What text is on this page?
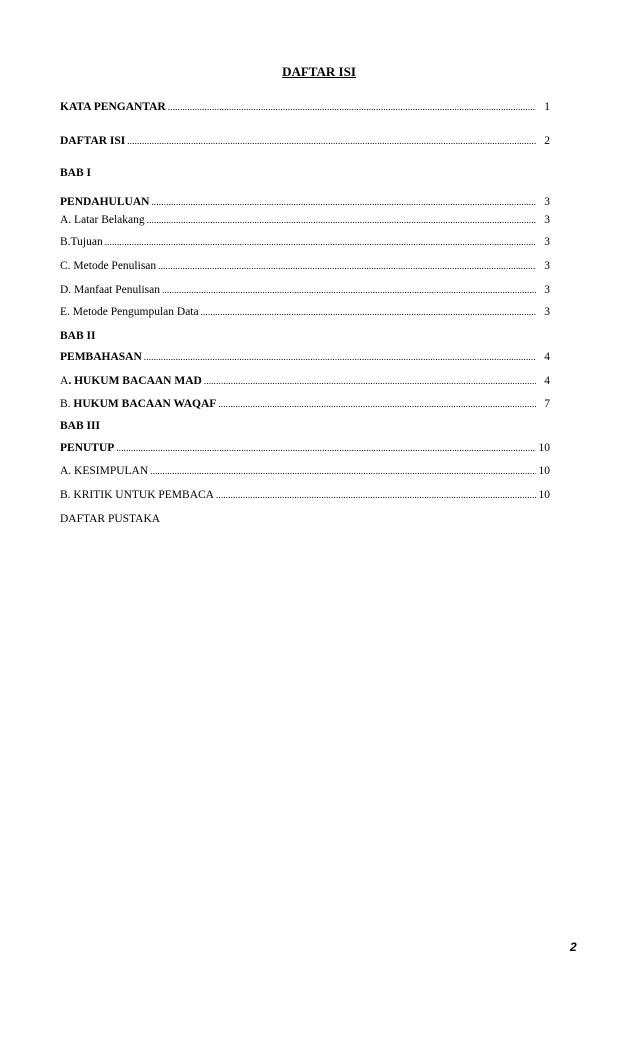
DAFTAR ISI
KATA PENGANTAR .....	1
DAFTAR ISI .....	2
BAB I
PENDAHULUAN .....	3
A. Latar Belakang .....	3
B.Tujuan .....	3
C. Metode Penulisan .....	3
D. Manfaat Penulisan .....	3
E. Metode Pengumpulan Data .....	3
BAB II
PEMBAHASAN .....	4
A . HUKUM BACAAN MAD .....	4
B. HUKUM BACAAN WAQAF .....	7
BAB III
PENUTUP .....	10
A. KESIMPULAN .....	10
B. KRITIK UNTUK PEMBACA .....	10
DAFTAR PUSTAKA
2
